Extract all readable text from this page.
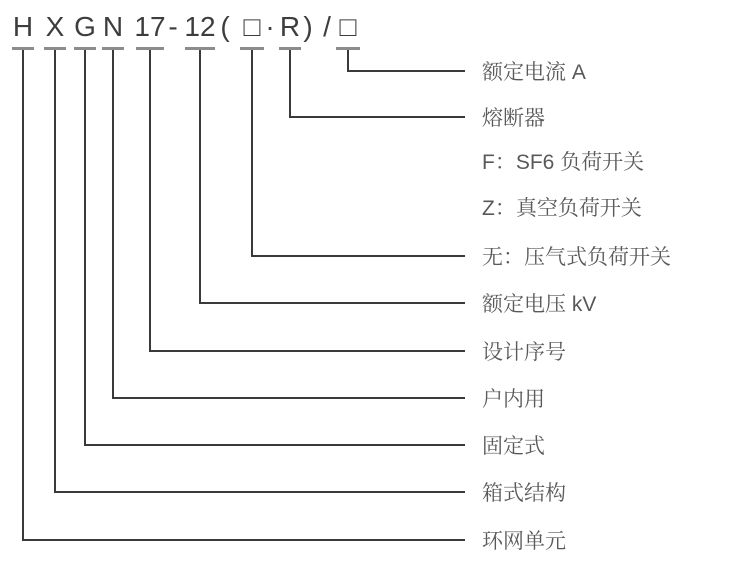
H X G N 17 - 12 ( □ · R ) / □
额定电流 A
熔断器
F：SF6 负荷开关
Z：真空负荷开关
无：压气式负荷开关
额定电压 kV
设计序号
户内用
固定式
箱式结构
环网单元
